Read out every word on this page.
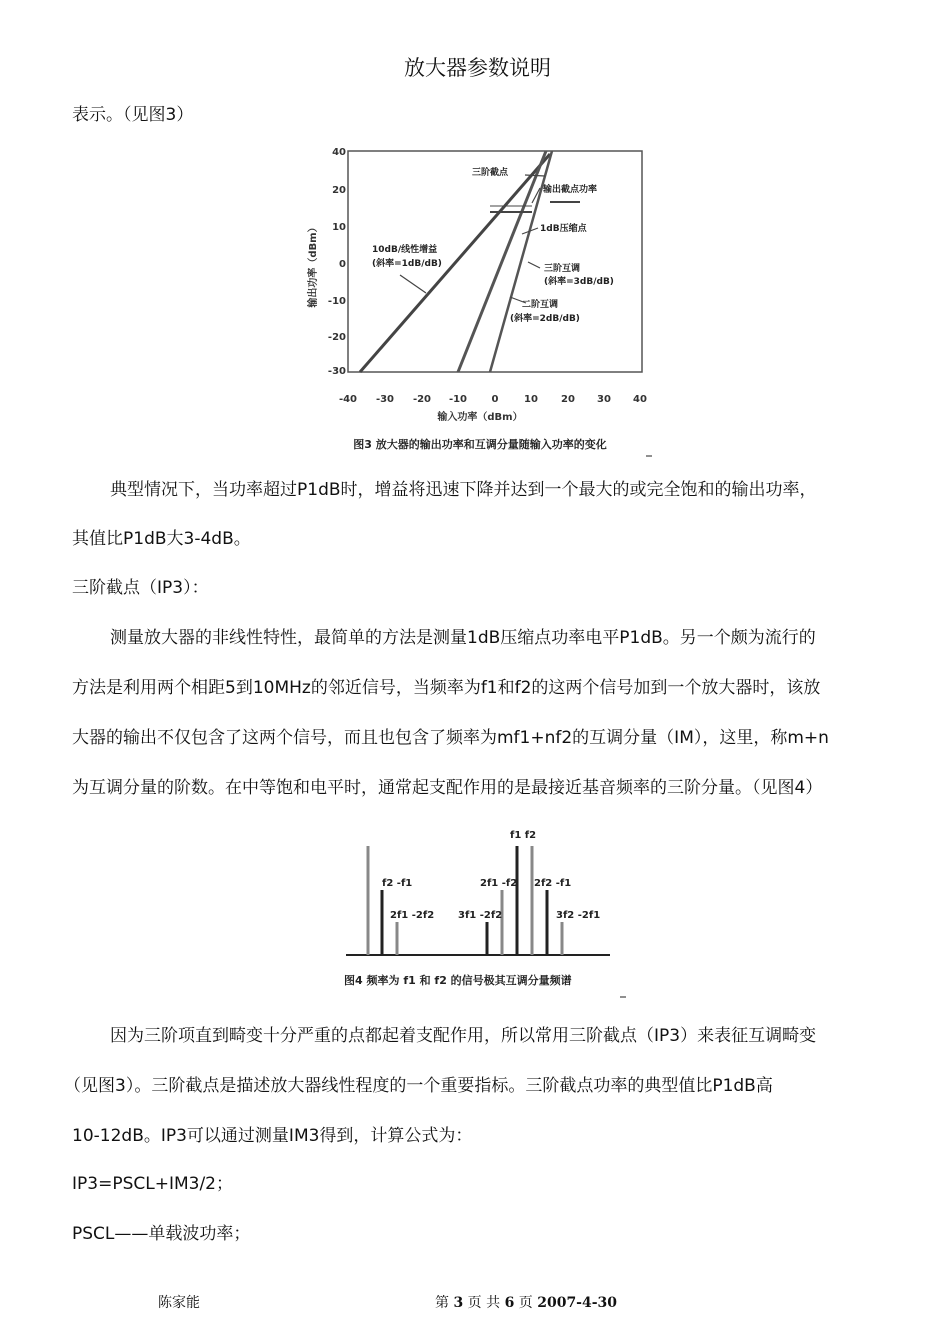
放大器参数说明
表示。（见图3）
40
20
10
0
-10
-20
-30
-40 -30 -20 -10 0	10 20 30 40
输入功率（dBm）
输出功率（dBm）
三阶截点
输出截点功率
1dB压缩点
10dB/线性增益
(斜率=1dB/dB)	三阶互调
(斜率=3dB/dB)
二阶互调
(斜率=2dB/dB)
图3 放大器的输出功率和互调分量随输入功率的变化
典型情况下，当功率超过P1dB时，增益将迅速下降并达到一个最大的或完全饱和的输出功率，
其值比P1dB大3-4dB。
三阶截点（IP3）：
测量放大器的非线性特性，最简单的方法是测量1dB压缩点功率电平P1dB。另一个颇为流行的
方法是利用两个相距5到10MHz的邻近信号，当频率为f1和f2的这两个信号加到一个放大器时，该放
大器的输出不仅包含了这两个信号，而且也包含了频率为mf1+nf2的互调分量（IM），这里，称m+n
为互调分量的阶数。在中等饱和电平时，通常起支配作用的是最接近基音频率的三阶分量。（见图4）
f2 -f1
2f1 -2f2 3f1 -2f2
2f1 -f2
f1 f2
2f2 -f1
3f2 -2f1
图4 频率为 f1 和 f2 的信号极其互调分量频谱
因为三阶项直到畸变十分严重的点都起着支配作用，所以常用三阶截点（IP3）来表征互调畸变
（见图3）。三阶截点是描述放大器线性程度的一个重要指标。三阶截点功率的典型值比P1dB高
10-12dB。IP3可以通过测量IM3得到，计算公式为：
IP3=PSCL+IM3/2；
PSCL——单载波功率；
陈家能	第 3 页 共 6 页 2007-4-30
